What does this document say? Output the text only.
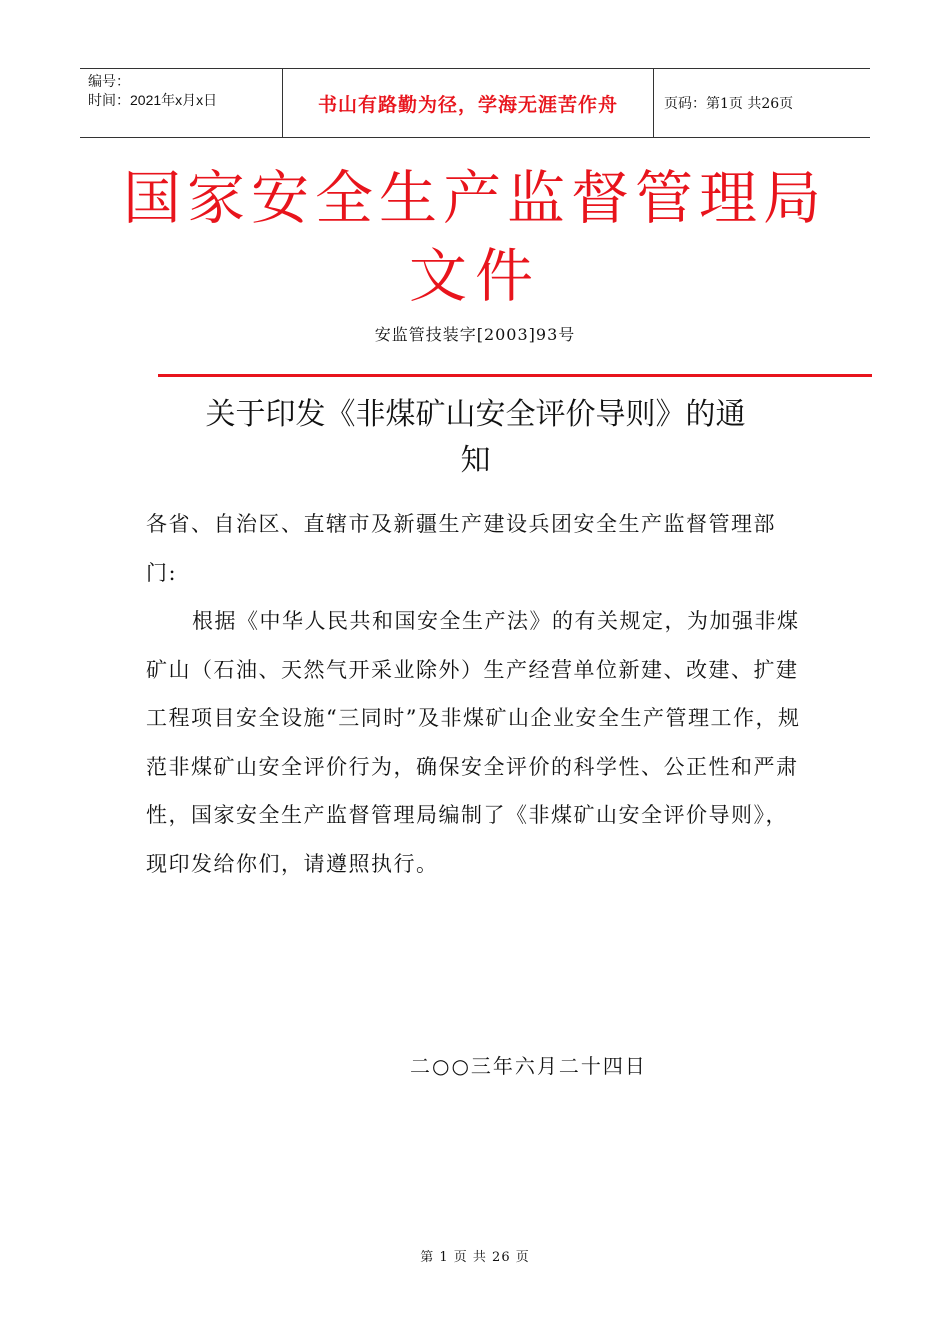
编号：
时间：2021年x月x日	书山有路勤为径，学海无涯苦作舟	页码：第1页 共26页
国家安全生产监督管理局
文件
安监管技装字[2003]93号
关于印发《非煤矿山安全评价导则》的通
知

各省、自治区、直辖市及新疆生产建设兵团安全生产监督管理部门:

根据《中华人民共和国安全生产法》的有关规定，为加强非煤矿山（石油、天然气开采业除外）生产经营单位新建、改建、扩建工程项目安全设施“三同时”及非煤矿山企业安全生产管理工作，规范非煤矿山安全评价行为，确保安全评价的科学性、公正性和严肃性，国家安全生产监督管理局编制了《非煤矿山安全评价导则》，现印发给你们，请遵照执行。

二○○三年六月二十四日
第 1 页 共 26 页
